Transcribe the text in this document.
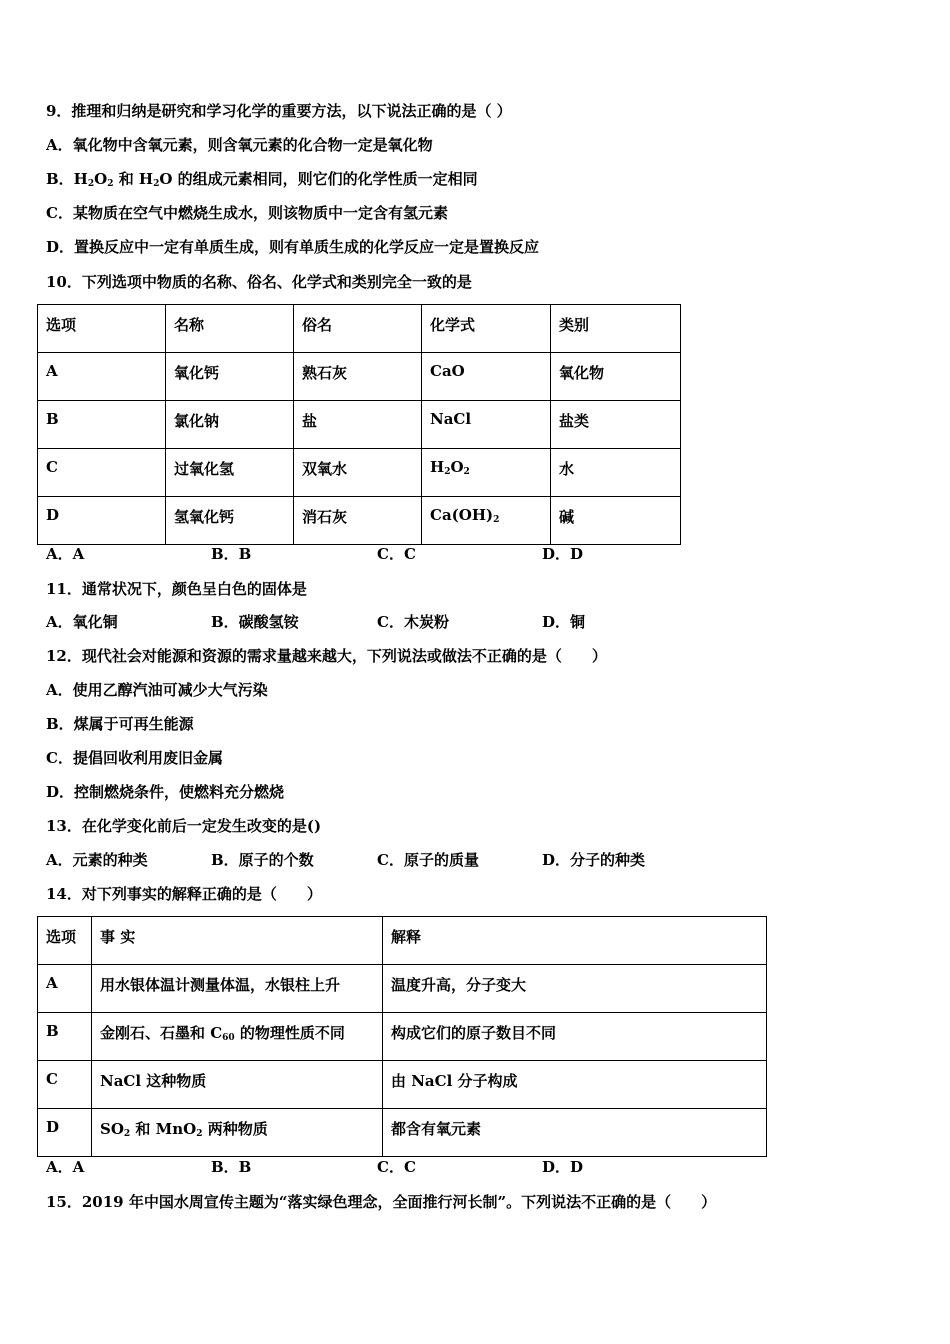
9．推理和归纳是研究和学习化学的重要方法，以下说法正确的是（ ）
A．氧化物中含氧元素，则含氧元素的化合物一定是氧化物
B．$H_2O_2$ 和 $H_2O$ 的组成元素相同，则它们的化学性质一定相同
C．某物质在空气中燃烧生成水，则该物质中一定含有氢元素
D．置换反应中一定有单质生成，则有单质生成的化学反应一定是置换反应
10．下列选项中物质的名称、俗名、化学式和类别完全一致的是
选项	名称	俗名	化学式	类别
A	氧化钙	熟石灰	CaO	氧化物
B	氯化钠	盐	NaCl	盐类
C	过氧化氢	双氧水	$H_2O_2$	水
D	氢氧化钙	消石灰	$Ca(OH)_2$	碱
A．A	B．B	C．C	D．D
11．通常状况下，颜色呈白色的固体是
A．氧化铜	B．碳酸氢铵	C．木炭粉	D．铜
12．现代社会对能源和资源的需求量越来越大，下列说法或做法不正确的是（　　）
A．使用乙醇汽油可减少大气污染
B．煤属于可再生能源
C．提倡回收利用废旧金属
D．控制燃烧条件，使燃料充分燃烧
13．在化学变化前后一定发生改变的是()
A．元素的种类	B．原子的个数	C．原子的质量	D．分子的种类
14．对下列事实的解释正确的是（　　）
选项	事 实	解释
A	用水银体温计测量体温，水银柱上升	温度升高，分子变大
B	金刚石、石墨和 $C_{60}$ 的物理性质不同	构成它们的原子数目不同
C	NaCl 这种物质	由 NaCl 分子构成
D	$SO_2$ 和 MnO$_2$ 两种物质	都含有氧元素
A．A	B．B	C．C	D．D
15．2019 年中国水周宣传主题为“落实绿色理念，全面推行河长制”。下列说法不正确的是（　　）
